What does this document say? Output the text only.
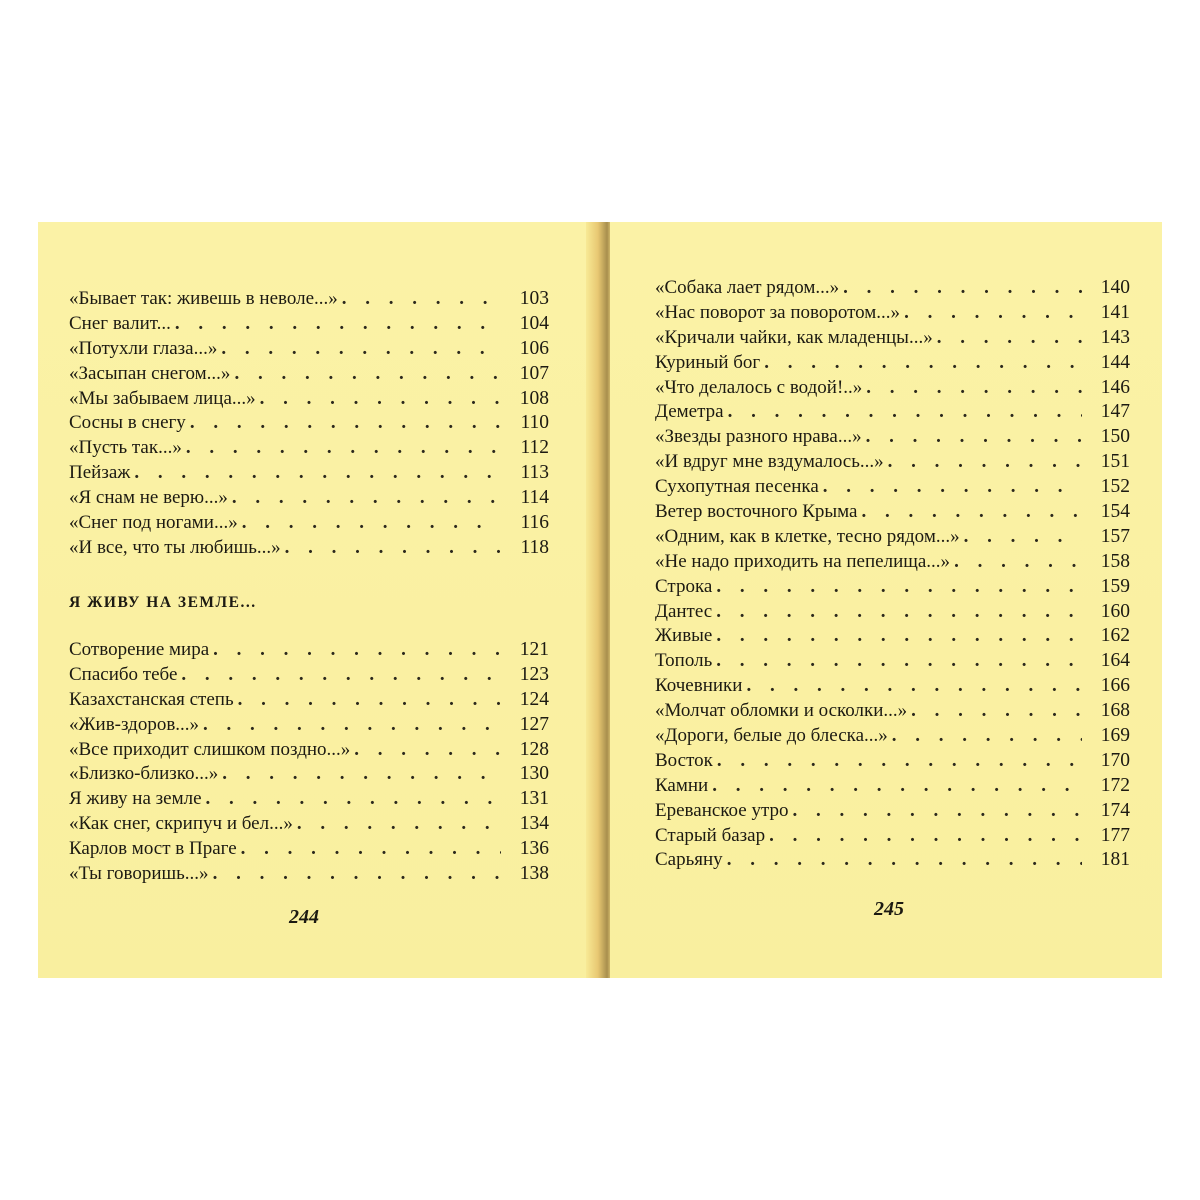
«Бывает так: живешь в неволе...» . . .	103
Снег валит... . . .	104
«Потухли глаза...» . . .	106
«Засыпан снегом...» . . .	107
«Мы забываем лица...» . . .	108
Сосны в снегу . . .	110
«Пусть так...» . . .	112
Пейзаж . . .	113
«Я снам не верю...» . . .	114
«Снег под ногами...» . . .	116
«И все, что ты любишь...» . . .	118
Я ЖИВУ НА ЗЕМЛЕ...
Сотворение мира . . .	121
Спасибо тебе . . .	123
Казахстанская степь . . .	124
«Жив-здоров...» . . .	127
«Все приходит слишком поздно...» . . .	128
«Близко-близко...» . . .	130
Я живу на земле . . .	131
«Как снег, скрипуч и бел...» . . .	134
Карлов мост в Праге . . .	136
«Ты говоришь...» . . .	138
244
«Собака лает рядом...» . . .	140
«Нас поворот за поворотом...» . . .	141
«Кричали чайки, как младенцы...» . . .	143
Куриный бог . . .	144
«Что делалось с водой!..» . . .	146
Деметра . . .	147
«Звезды разного нрава...» . . .	150
«И вдруг мне вздумалось...» . . .	151
Сухопутная песенка . . .	152
Ветер восточного Крыма . . .	154
«Одним, как в клетке, тесно рядом...» . . .	157
«Не надо приходить на пепелища...» . . .	158
Строка . . .	159
Дантес . . .	160
Живые . . .	162
Тополь . . .	164
Кочевники . . .	166
«Молчат обломки и осколки...» . . .	168
«Дороги, белые до блеска...» . . .	169
Восток . . .	170
Камни . . .	172
Ереванское утро . . .	174
Старый базар . . .	177
Сарьяну . . .	181
245
